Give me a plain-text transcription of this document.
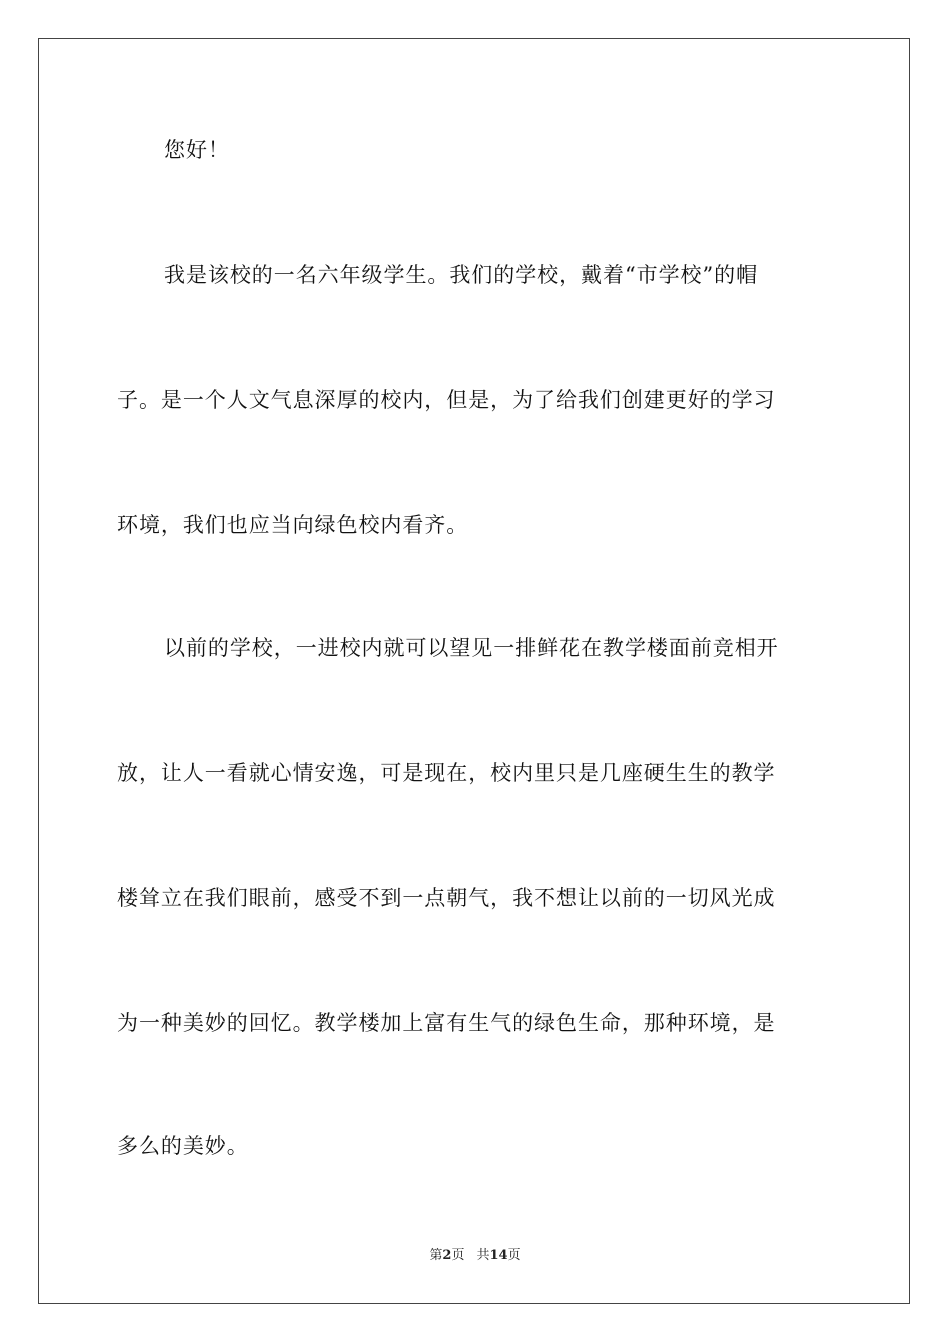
您好！
我是该校的一名六年级学生。我们的学校，戴着“市学校”的帽
子。是一个人文气息深厚的校内，但是，为了给我们创建更好的学习
环境，我们也应当向绿色校内看齐。
以前的学校，一进校内就可以望见一排鲜花在教学楼面前竞相开
放，让人一看就心情安逸，可是现在，校内里只是几座硬生生的教学
楼耸立在我们眼前，感受不到一点朝气，我不想让以前的一切风光成
为一种美妙的回忆。教学楼加上富有生气的绿色生命，那种环境，是
多么的美妙。
第2页 共14页
